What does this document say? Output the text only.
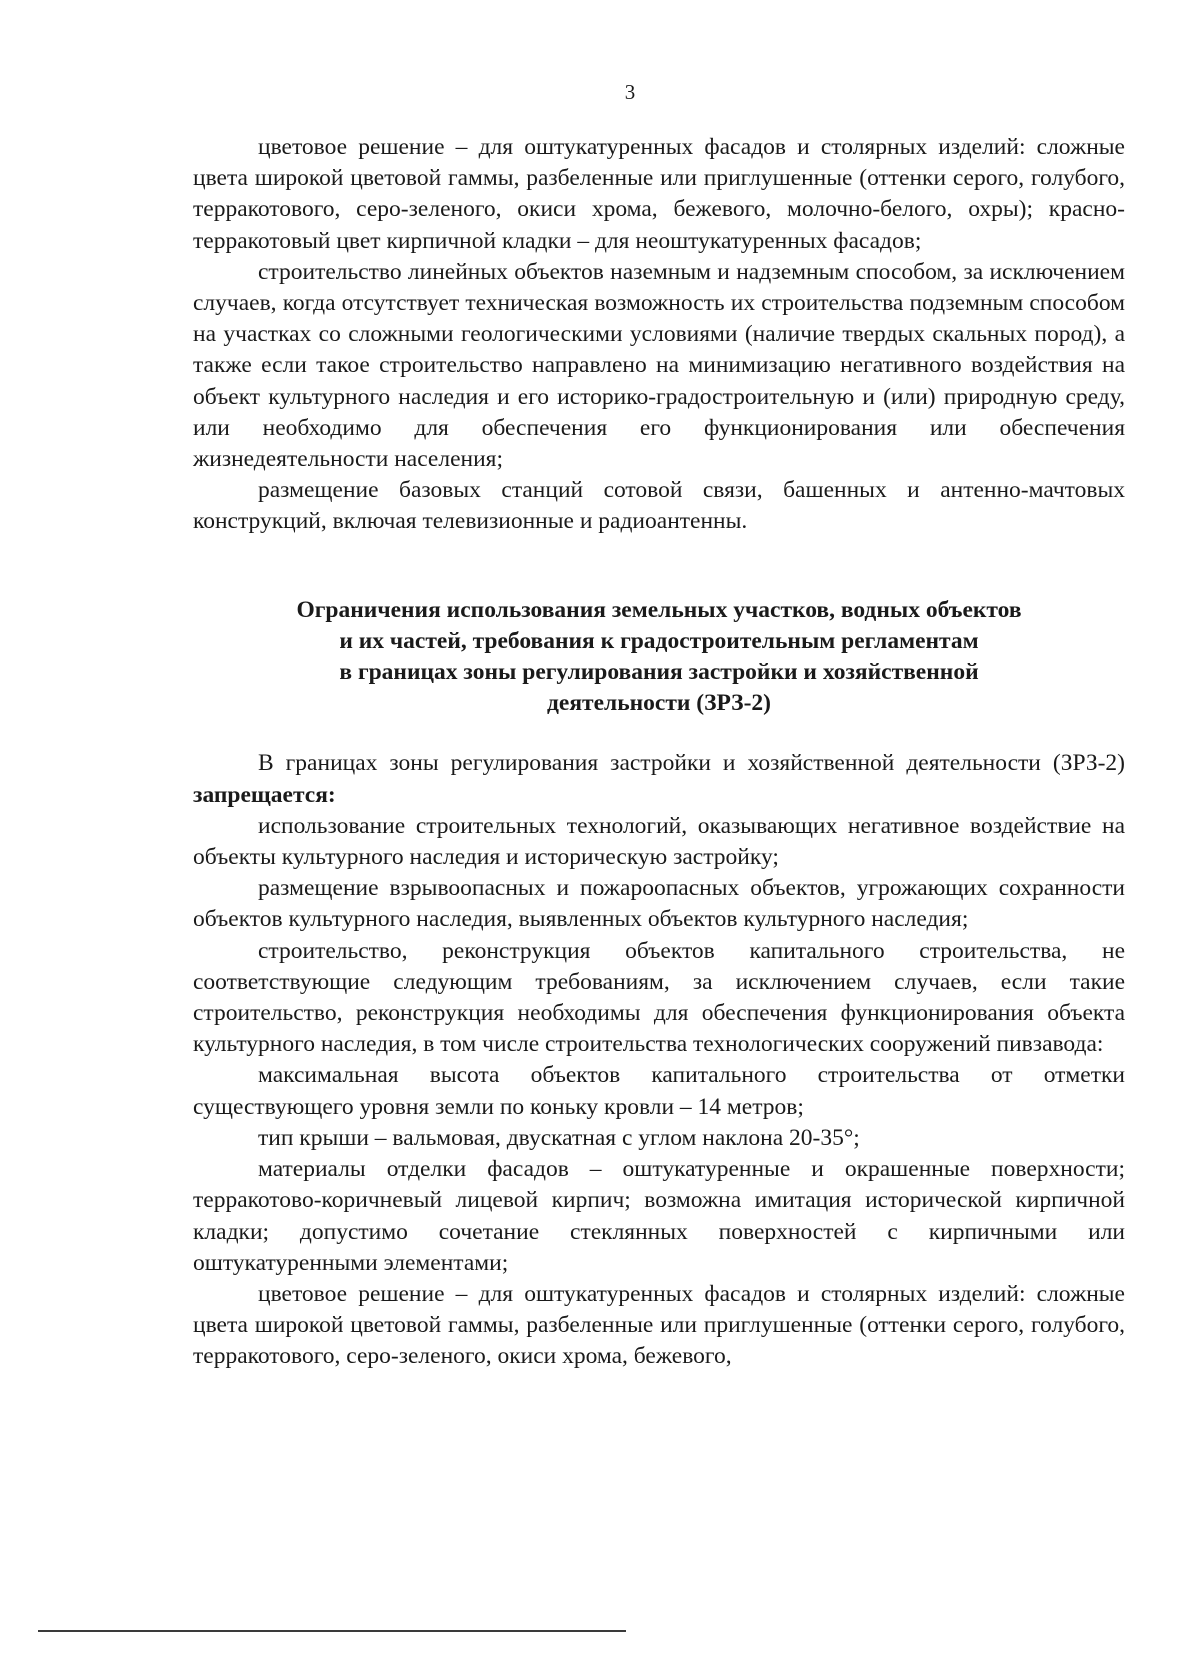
3

цветовое решение – для оштукатуренных фасадов и столярных изделий: сложные цвета широкой цветовой гаммы, разбеленные или приглушенные (оттенки серого, голубого, терракотового, серо-зеленого, окиси хрома, бежевого, молочно-белого, охры); красно-терракотовый цвет кирпичной кладки – для неоштукатуренных фасадов;

строительство линейных объектов наземным и надземным способом, за исключением случаев, когда отсутствует техническая возможность их строительства подземным способом на участках со сложными геологическими условиями (наличие твердых скальных пород), а также если такое строительство направлено на минимизацию негативного воздействия на объект культурного наследия и его историко-градостроительную и (или) природную среду, или необходимо для обеспечения его функционирования или обеспечения жизнедеятельности населения;

размещение базовых станций сотовой связи, башенных и антенно-мачтовых конструкций, включая телевизионные и радиоантенны.

Ограничения использования земельных участков, водных объектов
и их частей, требования к градостроительным регламентам
в границах зоны регулирования застройки и хозяйственной
деятельности (ЗРЗ-2)

В границах зоны регулирования застройки и хозяйственной деятельности (ЗРЗ-2) запрещается:

использование строительных технологий, оказывающих негативное воздействие на объекты культурного наследия и историческую застройку;

размещение взрывоопасных и пожароопасных объектов, угрожающих сохранности объектов культурного наследия, выявленных объектов культурного наследия;

строительство, реконструкция объектов капитального строительства, не соответствующие следующим требованиям, за исключением случаев, если такие строительство, реконструкция необходимы для обеспечения функционирования объекта культурного наследия, в том числе строительства технологических сооружений пивзавода:

максимальная высота объектов капитального строительства от отметки существующего уровня земли по коньку кровли – 14 метров;

тип крыши – вальмовая, двускатная с углом наклона 20-35°;

материалы отделки фасадов – оштукатуренные и окрашенные поверхности; терракотово-коричневый лицевой кирпич; возможна имитация исторической кирпичной кладки; допустимо сочетание стеклянных поверхностей с кирпичными или оштукатуренными элементами;

цветовое решение – для оштукатуренных фасадов и столярных изделий: сложные цвета широкой цветовой гаммы, разбеленные или приглушенные (оттенки серого, голубого, терракотового, серо-зеленого, окиси хрома, бежевого,
